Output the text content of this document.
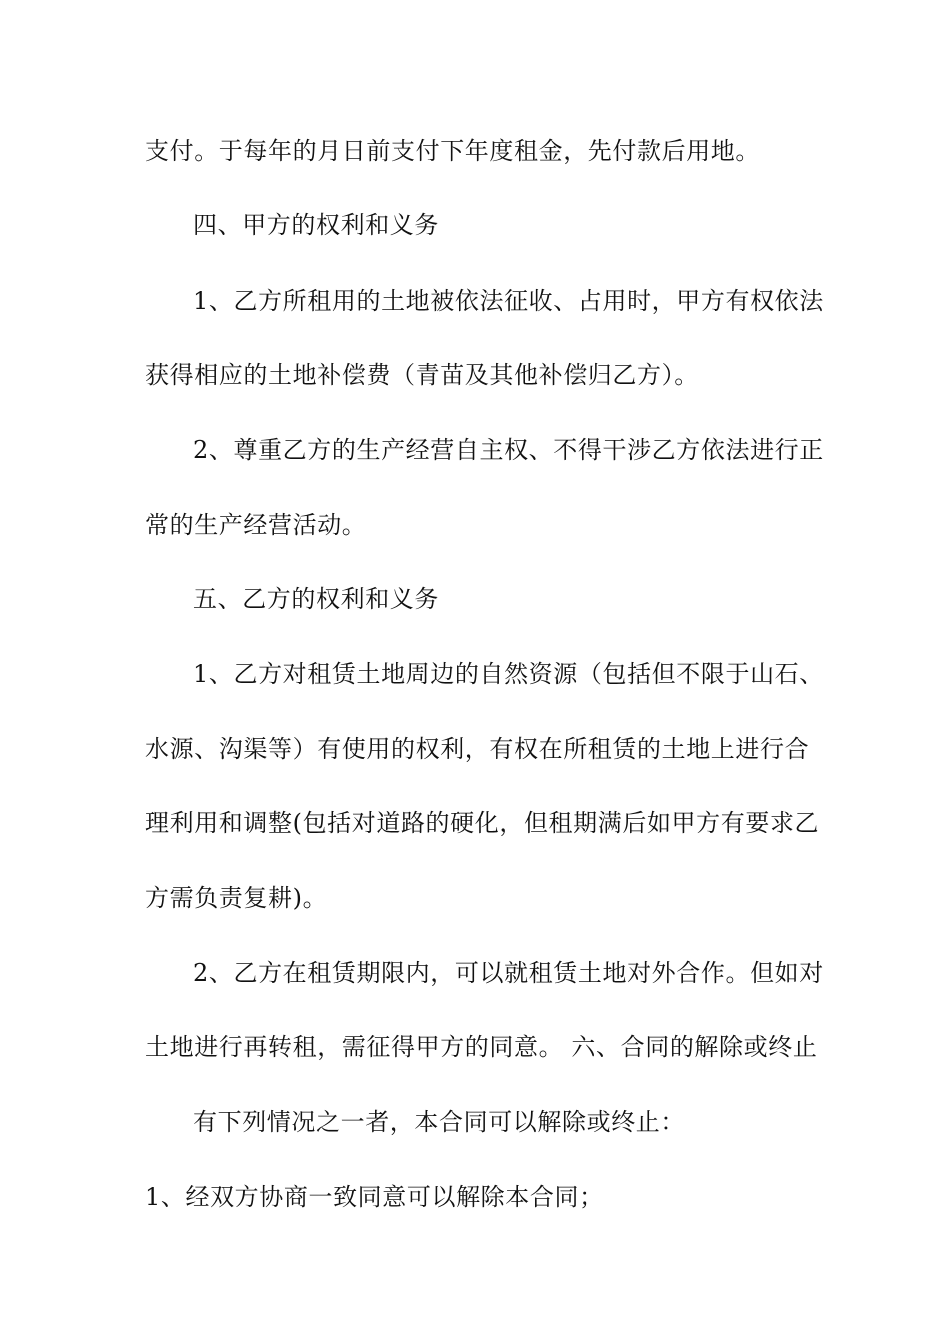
支付。于每年的月日前支付下年度租金，先付款后用地。
四、甲方的权利和义务
1、乙方所租用的土地被依法征收、占用时，甲方有权依法
获得相应的土地补偿费（青苗及其他补偿归乙方）。
2、尊重乙方的生产经营自主权、不得干涉乙方依法进行正
常的生产经营活动。
五、乙方的权利和义务
1、乙方对租赁土地周边的自然资源（包括但不限于山石、
水源、沟渠等）有使用的权利，有权在所租赁的土地上进行合
理利用和调整(包括对道路的硬化，但租期满后如甲方有要求乙
方需负责复耕)。
2、乙方在租赁期限内，可以就租赁土地对外合作。但如对
土地进行再转租，需征得甲方的同意。 六、合同的解除或终止
有下列情况之一者，本合同可以解除或终止：
1、经双方协商一致同意可以解除本合同；
